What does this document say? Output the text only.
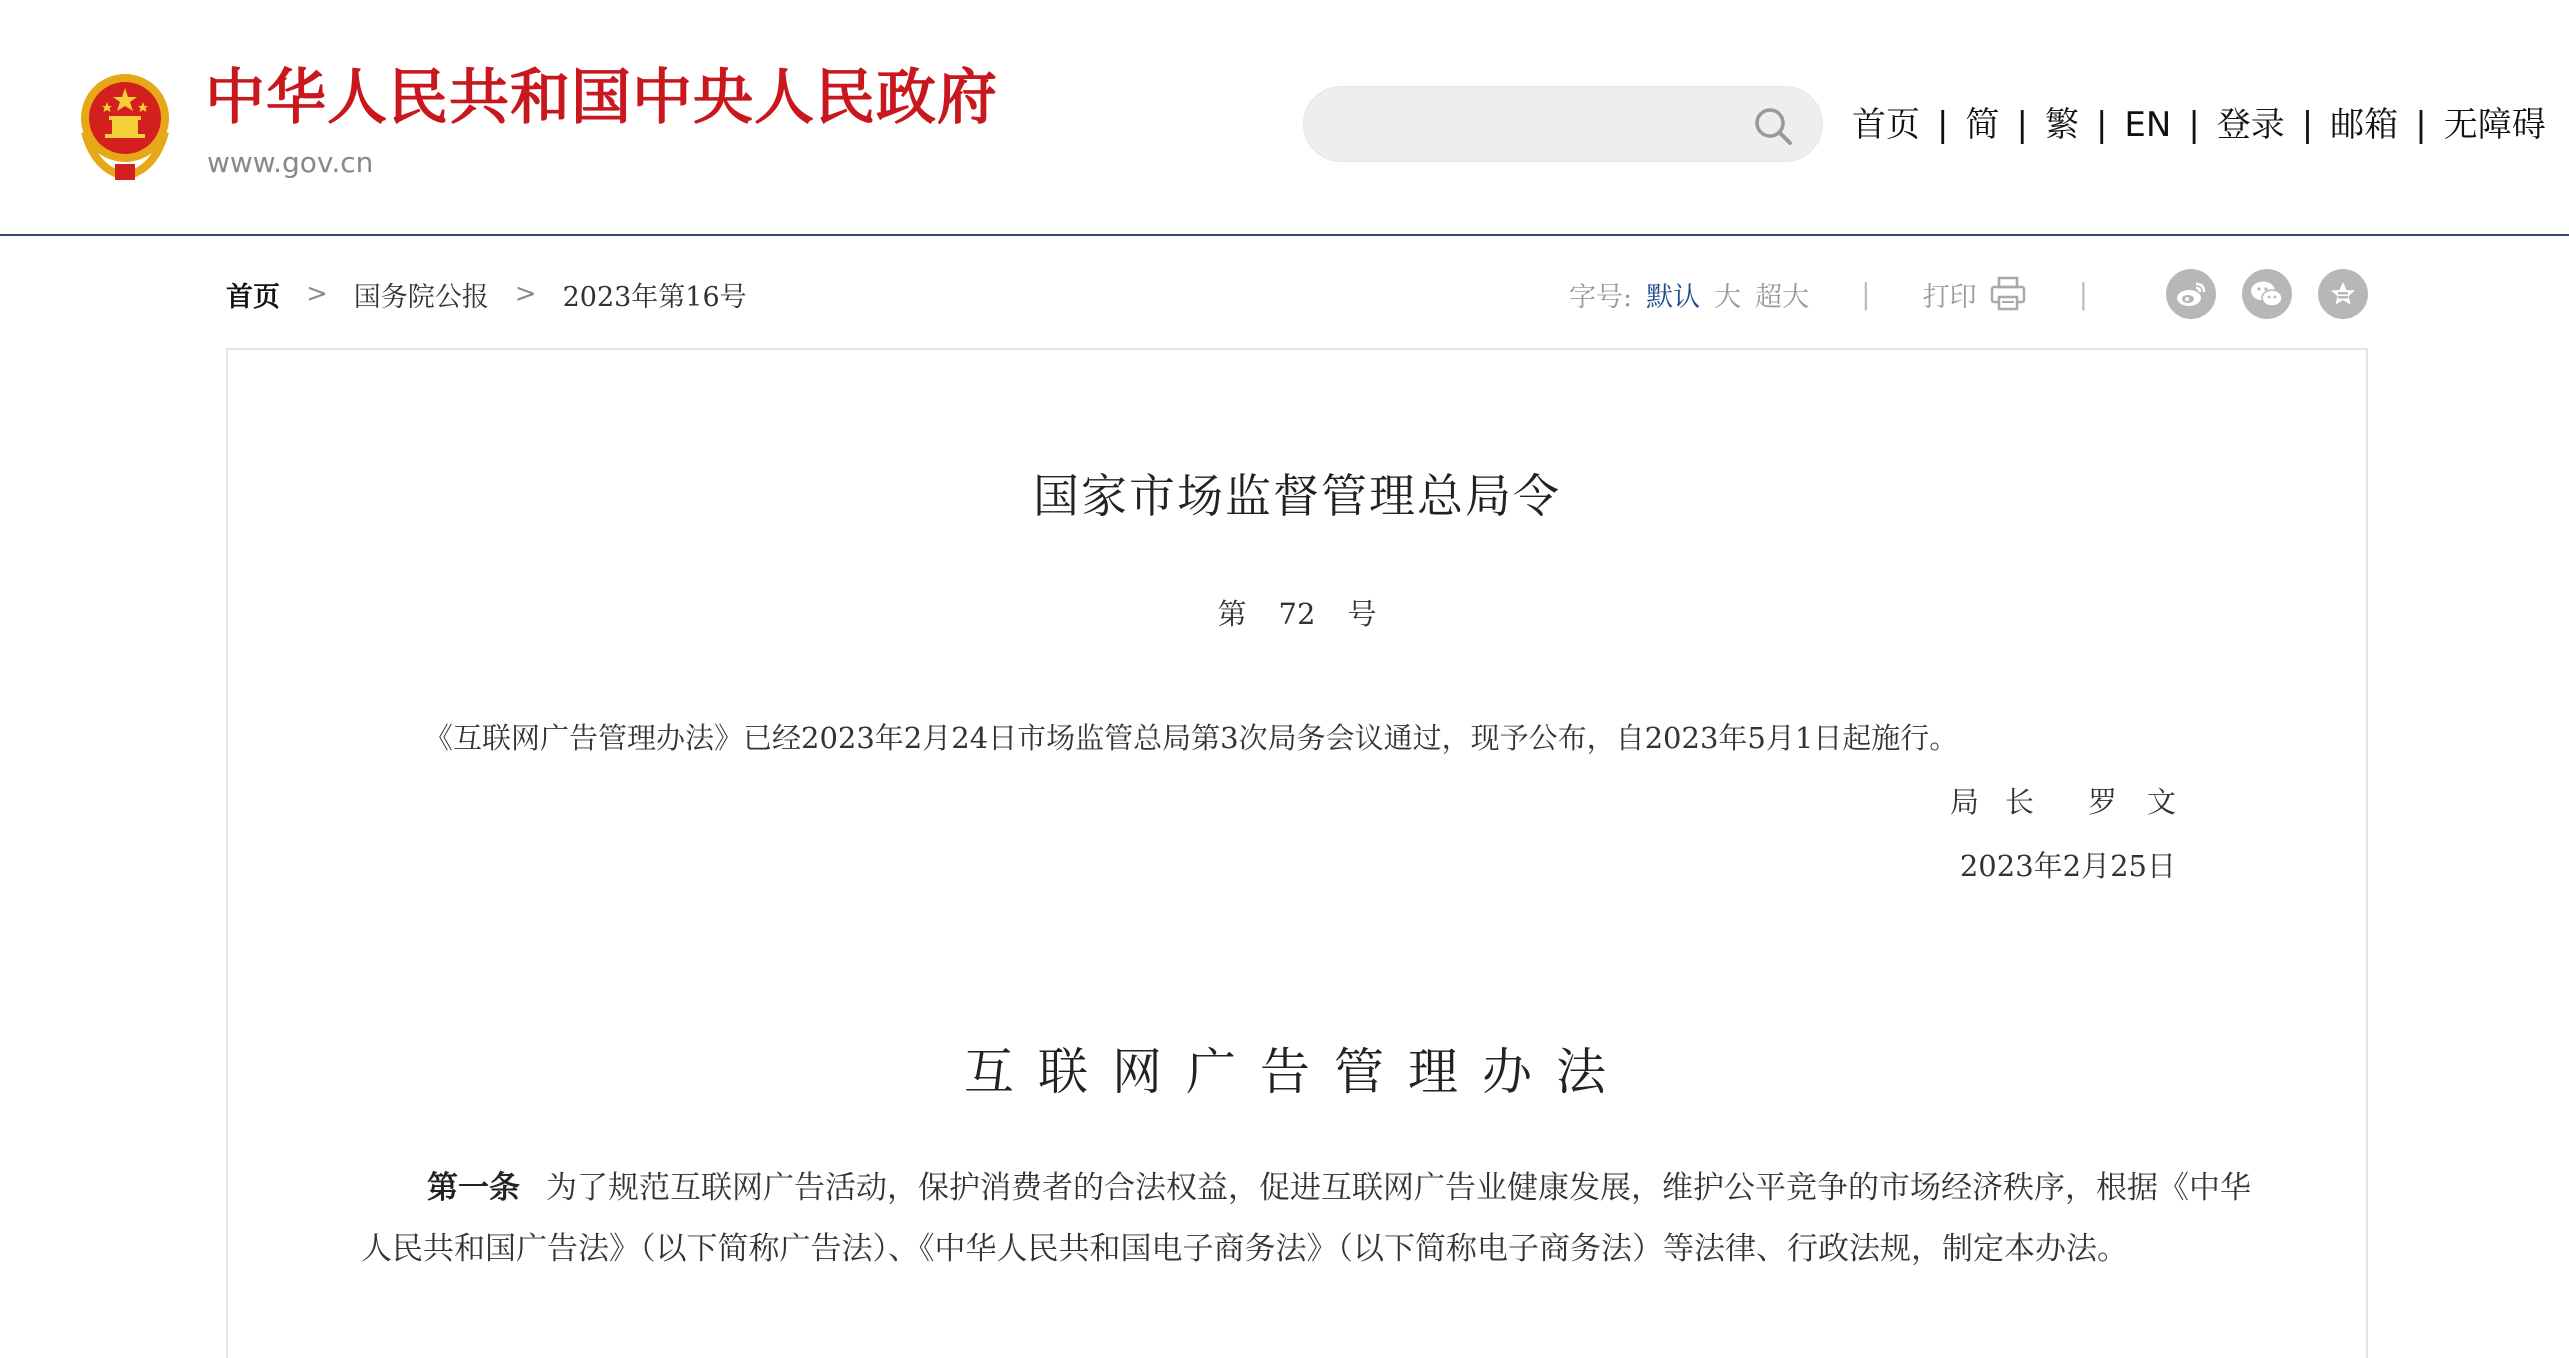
中华人民共和国中央人民政府
www.gov.cn
首页 | 简 | 繁 | EN | 登录 | 邮箱 | 无障碍
首页 > 国务院公报 > 2023年第16号	字号: 默认 大 超大 | 打印	|
国家市场监督管理总局令
第 72 号
《互联网广告管理办法》已经2023年2月24日市场监管总局第3次局务会议通过，现予公布，自2023年5月1日起施行。
局长 罗文
2023年2月25日
互联网广告管理办法
第一条 为了规范互联网广告活动，保护消费者的合法权益，促进互联网广告业健康发展，维护公平竞争的市场经济秩序，根据《中华人民共和国广告法》（以下简称广告法）、《中华人民共和国电子商务法》（以下简称电子商务法）等法律、行政法规，制定本办法。
